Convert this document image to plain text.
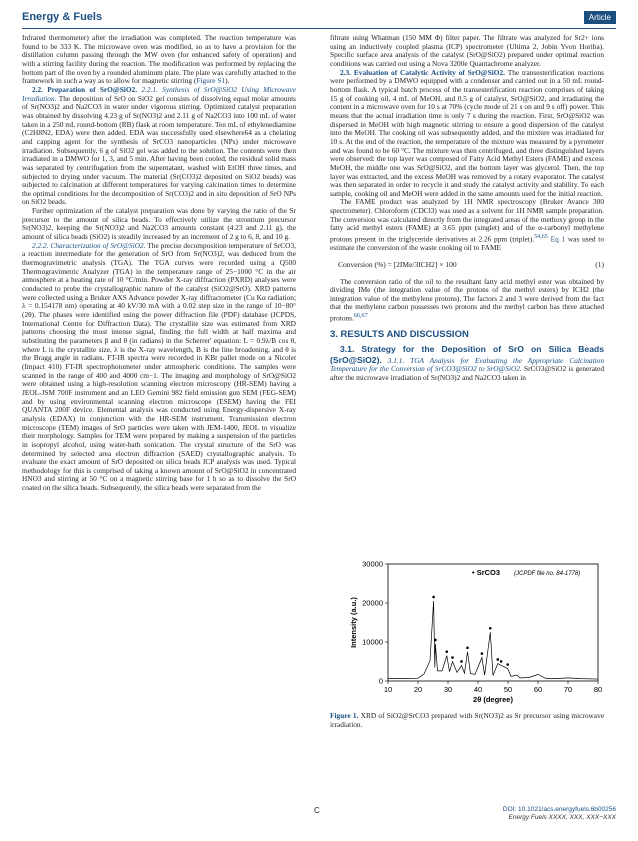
Energy & Fuels	Article

Infrared thermometer) after the irradiation was completed. The reaction temperature was found to be 333 K. The microwave oven was modified, so as to have a provision for the distillation column passing through the MW oven (for enhanced safety of operation) and with a stirring facility during the reaction. The modification was performed by replacing the bottom part of the oven by a rounded aluminum plate. The plate was carefully attached to the framework in such a way as to allow for magnetic stirring (Figure S1).

2.2. Preparation of SrO@SiO2. 2.2.1. Synthesis of SrO@SiO2 Using Microwave Irradiation. The deposition of SrO on SiO2 gel consists of dissolving equal molar amounts of Sr(NO3)2 and Na2CO3 in water under vigorous stirring. Optimized catalyst preparation was obtained by dissolving 4.23 g of Sr(NO3)2 and 2.11 g of Na2CO3 into 100 mL of water taken in a 250 mL round-bottom (RB) flask at room temperature. Ten mL of ethylenediamine (C2H8N2, EDA) were then added. EDA was successfully used elsewhere64 as a chelating and capping agent for the synthesis of SrCO3 nanoparticles (NPs) under microwave irradiation. Subsequently, 6 g of SiO2 gel was added to the solution. The contents were then irradiated in a DMWO for 1, 3, and 5 min. After having been cooled, the residual solid mass was separated by centrifugation from the supernatant, washed with EtOH three times, and subjected to drying under vacuum. The material (Sr(CO3)2 deposited on SiO2 beads) was subjected to calcination at different temperatures for varying calcination times to determine the optimal conditions for the decomposition of Sr(CO3)2 and in situ deposition of SrO NPs on SiO2 beads.

Further optimization of the catalyst preparation was done by varying the ratio of the Sr precursor to the amount of silica beads. To effectively utilize the strontium precursor Sr(NO3)2, keeping the Sr(NO3)2 and Na2CO3 amounts constant (4.23 and 2.11 g), the amount of silica beads (SiO2) is steadily increased by an increment of 2 g to 6, 8, and 10 g.

2.2.2. Characterization of SrO@SiO2. The precise decomposition temperature of SrCO3, a reaction intermediate for the generation of SrO from Sr(NO3)2, was deduced from the thermogravimetric analysis (TGA). The TGA curves were recorded using a Q500 Thermogravimetric Analyzer (TGA) in the temperature range of 25−1000 °C in the air atmosphere at a heating rate of 10 °C/min. Powder X-ray diffraction (PXRD) analyses were conducted to probe the crystallographic nature of the catalyst (SiO2@SrO). XRD patterns were collected using a Bruker AXS Advance powder X-ray diffractometer (Cu Kα radiation; λ = 0.154178 nm) operating at 40 kV/30 mA with a 0.02 step size in the range of 10−80° (2θ). The phases were identified using the power diffraction file (PDF) database (JCPDS, International Centre for Diffraction Data). The crystallite size was estimated from XRD patterns choosing the most intense signal, finding the full width at half maxima and substituting the parameters β and θ (in radians) in the Scherrer' equation: L = 0.9λ/B cos θ, where L is the crystallite size, λ is the X-ray wavelength, B is the line broadening, and θ is the Bragg angle in radians. FT-IR spectra were recorded in KBr pallet mode on a Nicolet (Impact 410) FT-IR spectrophotometer under atmospheric conditions. The samples were scanned in the range of 400 and 4000 cm−1. The imaging and morphology of SrO@SiO2 were obtained using a high-resolution scanning electron microscopy (HR-SEM) having a JEOL-JSM 700F instrument and an LEO Gemini 982 field emission gun SEM (FEG-SEM) and by using environmental scanning electron microscope (ESEM) having the FEI QUANTA 200F device. Elemental analysis was conducted using Energy-dispersive X-ray analysis (EDAX) in conjunction with the HR-SEM instrument. Transmission electron microscope (TEM) images of SrO particles were taken with JEM-1400, JEOL to visualize their morphology. Samples for TEM were prepared by making a suspension of the particles in isopropyl alcohol, using water-bath sonication. The crystal structure of the SrO was determined by selected area electron diffraction (SAED) crystallographic analysis. To evaluate the exact amount of SrO deposited on silica beads ICP analysis was used. Typical methodology for this is comprised of taking a known amount of SrO@SiO2 in concentrated HNO3 and stirring at 50 °C on a magnetic stirring base for 1 h so as to dissolve the SrO coated on the silica beads. Subsequently, the silica beads were separated from the

filtrate using Whatman (150 MM Φ) filter paper. The filtrate was analyzed for Sr2+ ions using an inductively coupled plasma (ICP) spectrometer (Ultima 2, Jobin Yvon Horiba). Specific surface area analysis of the catalyst (SrO@SiO2) prepared under optimal reaction conditions was carried out using a Nova 3200e Quantachrome analyzer.

2.3. Evaluation of Catalytic Activity of SrO@SiO2. The transesterification reactions were performed by a DMWO equipped with a condenser and carried out in a 50 mL round-bottom flask. A typical batch process of the transesterification reaction comprises of taking 15 g of cooking oil, 4 mL of MeOH, and 0.5 g of catalyst, SrO@SiO2, and irradiating the content in a microwave oven for 10 s at 70% (cycle mode of 21 s on and 9 s off) power. This means that the actual irradiation time is only 7 s during the reaction. First, SrO@SiO2 was dispersed in MeOH with high magnetic stirring to ensure a good dispersion of the catalyst into the MeOH. The cooking oil was subsequently added, and the mixture was irradiated for 10 s. At the end of the reaction, the temperature of the mixture was measured by a pyrometer and was found to be 60 °C. The mixture was then centrifuged, and three distinguished layers were observed: the top layer was composed of Fatty Acid Methyl Esters (FAME) and excess MeOH, the middle one was SrO@SiO2, and the bottom layer was glycerol. Then, the top layer was extracted, and the excess MeOH was removed by a rotary evaporator. The catalyst was then separated in order to recycle it and study the catalyst activity and stability. To each sample, cooking oil and MeOH were added in the same amounts used for the initial reaction.

The FAME product was analyzed by 1H NMR spectroscopy (Bruker Avance 300 spectrometer). Chloroform (CDCl3) was used as a solvent for 1H NMR sample preparation. The conversion was calculated directly from the integrated areas of the methoxy group in the fatty acid methyl esters (FAME) at 3.65 ppm (singlet) and of the α-carbonyl methylene protons present in the triglyceride derivatives at 2.26 ppm (triplet).$^{54,65}$ Eq 1 was used to estimate the conversion of the waste cooking oil to FAME

Conversion (%) = [2IMe/3ICH2] × 100	(1)

The conversion ratio of the oil to the resultant fatty acid methyl ester was obtained by dividing IMe (the integration value of the protons of the methyl esters) by ICH2 (the integration value of the methylene protons). The factors 2 and 3 were derived from the fact that the methylene carbon possesses two protons and the methyl carbon has three attached protons.$^{66,67}$

3. RESULTS AND DISCUSSION

3.1. Strategy for the Deposition of SrO on Silica Beads (SrO@SiO2). 3.1.1. TGA Analysis for Evaluating the Appropriate Calcination Temperature for the Conversion of SrCO3@SiO2 to SrO@SiO2. SrCO3@SiO2 is generated after the microwave irradiation of Sr(NO3)2 and Na2CO3 taken in

10	20	30	40	50	60	70	80
0
10000
20000
30000
2θ (degree)
Intensity (a.u.)
• SrCO3 (JCPDF file no. 84-1778)
Figure 1. XRD of SiO2@SrCO3 prepared with Sr(NO3)2 as Sr precursor using microwave irradiation.
C	DOI: 10.1021/acs.energyfuels.6b00256
Energy Fuels XXXX, XXX, XXX−XXX
